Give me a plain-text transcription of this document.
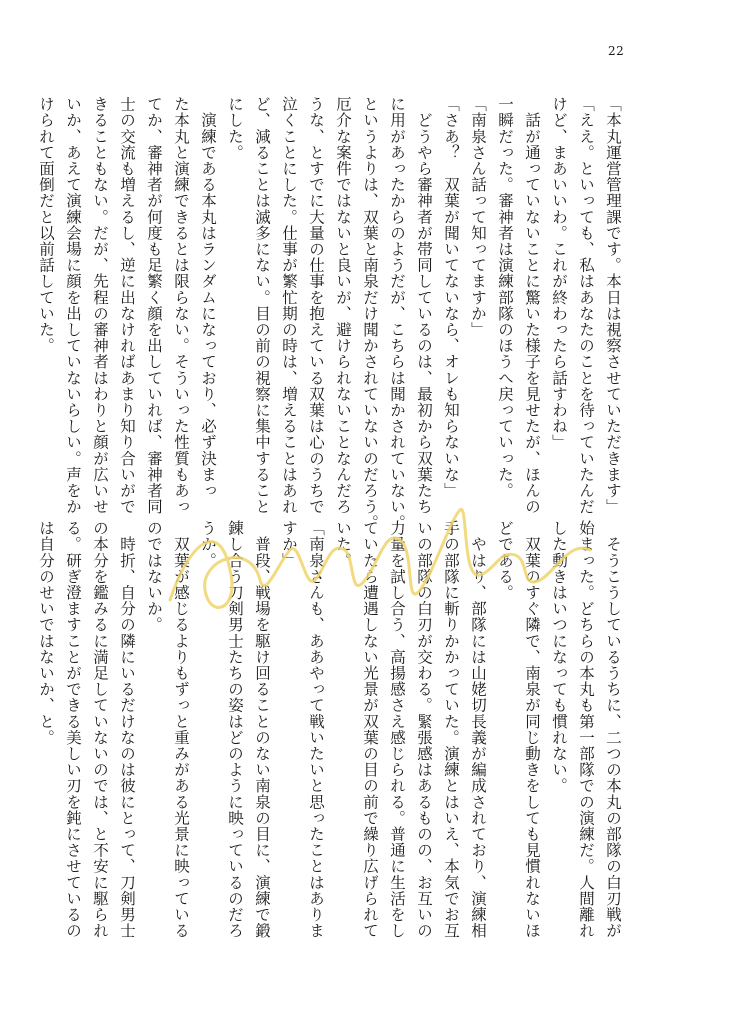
22
「本丸運営管理課です。本日は視察させていただきます」
「ええ。といっても、私はあなたのことを待っていたんだ
けど、まあいいわ。これが終わったら話すわね」
　話が通っていないことに驚いた様子を見せたが、ほんの
一瞬だった。審神者は演練部隊のほうへ戻っていった。
「南泉さん話って知ってますか」
「さあ？　双葉が聞いてないなら、オレも知らないな」
　どうやら審神者が帯同しているのは、最初から双葉たち
に用があったからのようだが、こちらは聞かされていない。
というよりは、双葉と南泉だけ聞かされていないのだろう。
厄介な案件ではないと良いが、避けられないことなんだろ
うな、とすでに大量の仕事を抱えている双葉は心のうちで
泣くことにした。仕事が繁忙期の時は、増えることはあれ
ど、減ることは滅多にない。目の前の視察に集中すること
にした。
　演練である本丸はランダムになっており、必ず決まっ
た本丸と演練できるとは限らない。そういった性質もあっ
てか、審神者が何度も足繁く顔を出していれば、審神者同
士の交流も増えるし、逆に出なければあまり知り合いがで
きることもない。だが、先程の審神者はわりと顔が広いせ
いか、あえて演練会場に顔を出していないらしい。声をか
けられて面倒だと以前話していた。
　そうこうしているうちに、二つの本丸の部隊の白刃戦が
始まった。どちらの本丸も第一部隊での演練だ。人間離れ
した動きはいつになっても慣れない。
　双葉のすぐ隣で、南泉が同じ動きをしても見慣れないほ
どである。
　やはり、部隊には山姥切長義が編成されており、演練相
手の部隊に斬りかかっていた。演練とはいえ、本気でお互
いの部隊の白刃が交わる。緊張感はあるものの、お互いの
力量を試し合う、高揚感さえ感じられる。普通に生活をし
ていたら遭遇しない光景が双葉の目の前で繰り広げられて
いた。
「南泉さんも、ああやって戦いたいと思ったことはありま
すか」
　普段、戦場を駆け回ることのない南泉の目に、演練で鍛
錬し合う刀剣男士たちの姿はどのように映っているのだろ
うか。
　双葉が感じるよりもずっと重みがある光景に映っている
のではないか。
　時折、自分の隣にいるだけなのは彼にとって、刀剣男士
の本分を鑑みるに満足していないのでは、と不安に駆られ
る。研ぎ澄ますことができる美しい刃を鈍にさせているの
は自分のせいではないか、と。
